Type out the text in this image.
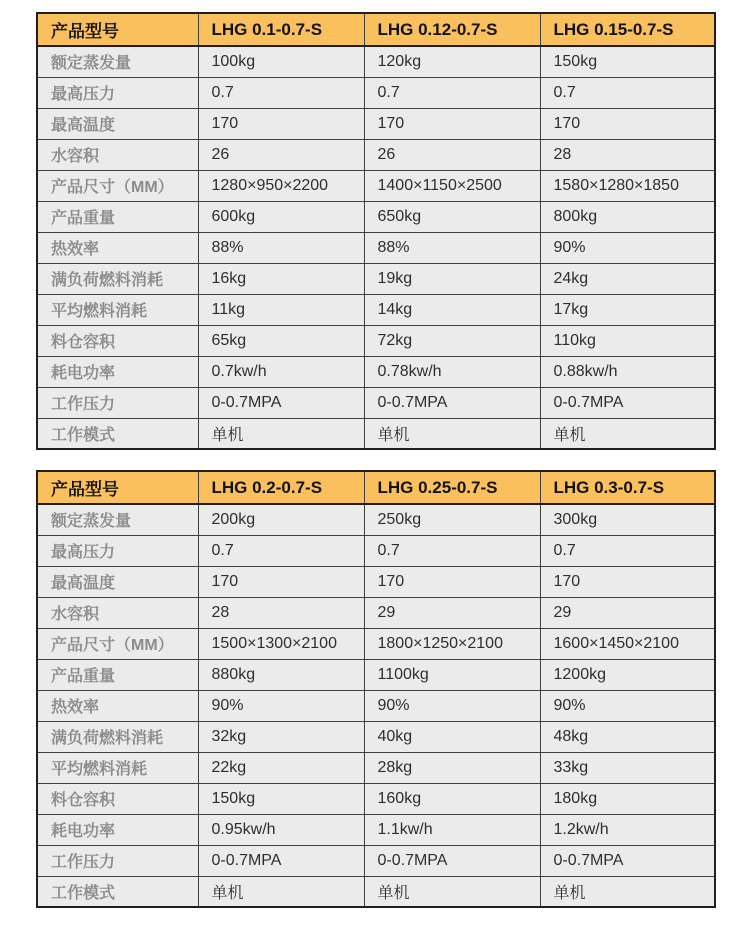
产品型号	LHG 0.1-0.7-S	LHG 0.12-0.7-S	LHG 0.15-0.7-S
额定蒸发量	100kg	120kg	150kg
最高压力	0.7	0.7	0.7
最高温度	170	170	170
水容积	26	26	28
产品尺寸（MM）	1280×950×2200	1400×1150×2500	1580×1280×1850
产品重量	600kg	650kg	800kg
热效率	88%	88%	90%
满负荷燃料消耗	16kg	19kg	24kg
平均燃料消耗	11kg	14kg	17kg
料仓容积	65kg	72kg	110kg
耗电功率	0.7kw/h	0.78kw/h	0.88kw/h
工作压力	0-0.7MPA	0-0.7MPA	0-0.7MPA
工作模式	单机	单机	单机
产品型号	LHG 0.2-0.7-S	LHG 0.25-0.7-S	LHG 0.3-0.7-S
额定蒸发量	200kg	250kg	300kg
最高压力	0.7	0.7	0.7
最高温度	170	170	170
水容积	28	29	29
产品尺寸（MM）	1500×1300×2100	1800×1250×2100	1600×1450×2100
产品重量	880kg	1100kg	1200kg
热效率	90%	90%	90%
满负荷燃料消耗	32kg	40kg	48kg
平均燃料消耗	22kg	28kg	33kg
料仓容积	150kg	160kg	180kg
耗电功率	0.95kw/h	1.1kw/h	1.2kw/h
工作压力	0-0.7MPA	0-0.7MPA	0-0.7MPA
工作模式	单机	单机	单机
